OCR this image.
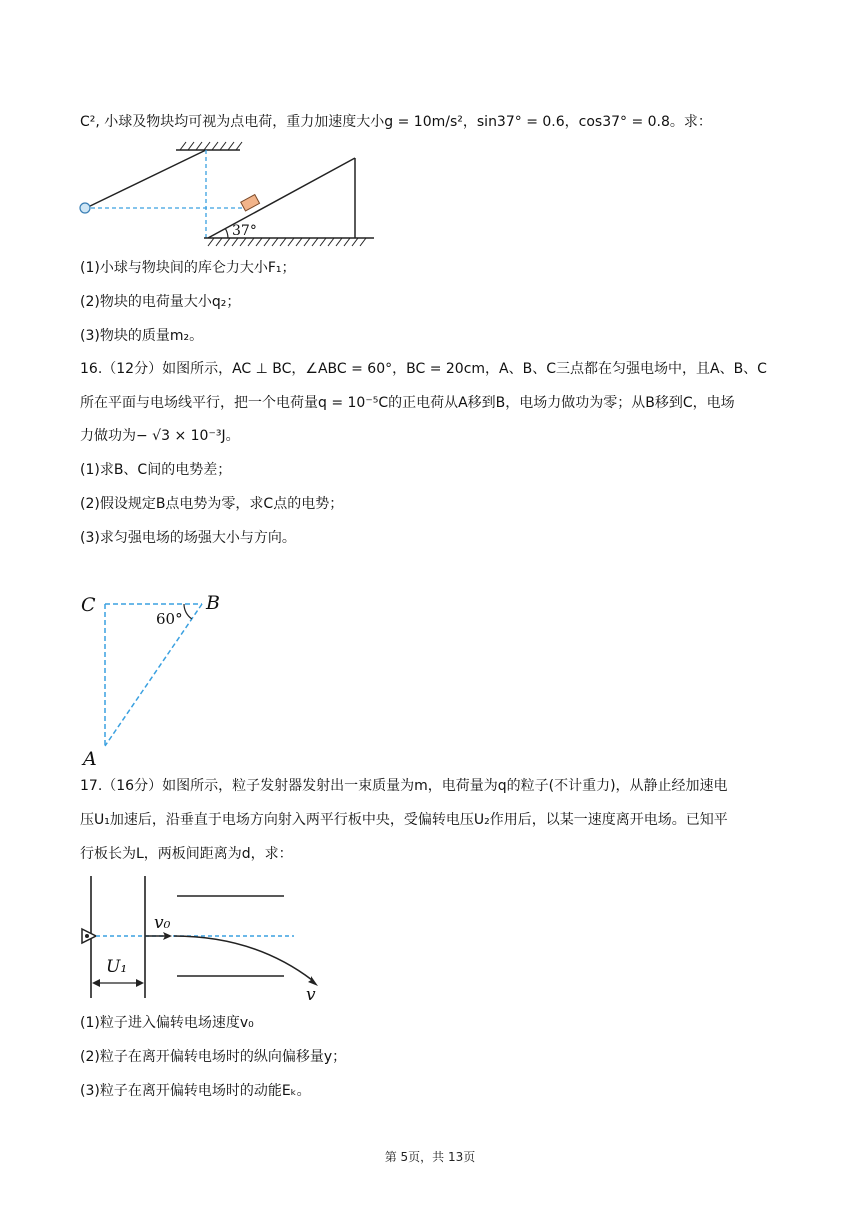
C², 小球及物块均可视为点电荷，重力加速度大小g = 10m/s²，sin37° = 0.6，cos37° = 0.8。求：
37°
(1)小球与物块间的库仑力大小F₁；
(2)物块的电荷量大小q₂；
(3)物块的质量m₂。
16.（12分）如图所示，AC ⊥ BC，∠ABC = 60°，BC = 20cm，A、B、C三点都在匀强电场中，且A、B、C
所在平面与电场线平行，把一个电荷量q = 10⁻⁵C的正电荷从A移到B，电场力做功为零；从B移到C，电场
力做功为− √3 × 10⁻³J。
(1)求B、C间的电势差；
(2)假设规定B点电势为零，求C点的电势；
(3)求匀强电场的场强大小与方向。
C	B
A
60°
17.（16分）如图所示，粒子发射器发射出一束质量为m，电荷量为q的粒子(不计重力)，从静止经加速电
压U₁加速后，沿垂直于电场方向射入两平行板中央，受偏转电压U₂作用后，以某一速度离开电场。已知平
行板长为L，两板间距离为d，求：
v₀
U₁
v
(1)粒子进入偏转电场速度v₀
(2)粒子在离开偏转电场时的纵向偏移量y；
(3)粒子在离开偏转电场时的动能Eₖ。
第 5页，共 13页
